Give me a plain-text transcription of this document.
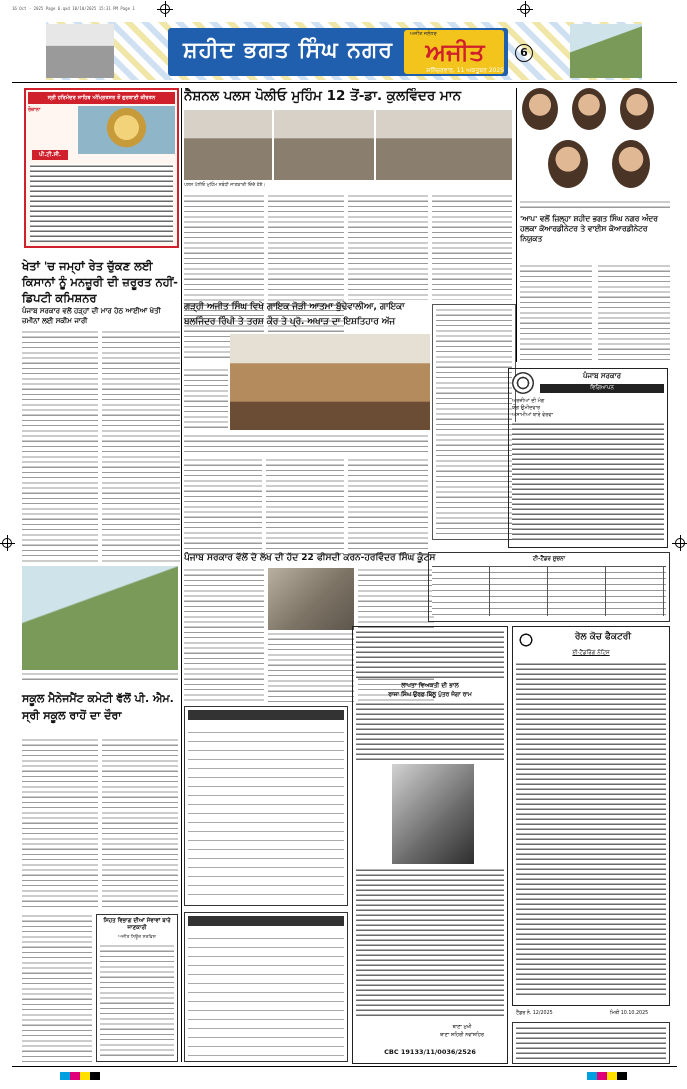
16 Oct - 2025 Page 6.qxd 10/10/2025 15:31 PM Page 1
ਸ਼ਹੀਦ ਭਗਤ ਸਿੰਘ ਨਗਰ
ਅਜੀਤ ਜਲੰਧਰ
ਅਜੀਤ
ਸ਼ਨਿੱਚਰਵਾਰ, 11 ਅਕਤੂਬਰ 2025
6
ਸ੍ਰੀ ਹਰਿਮੰਦਰ ਸਾਹਿਬ ਅੰਮ੍ਰਿਤਸਰ ਤੋਂ ਗੁਰਬਾਣੀ ਕੀਰਤਨ
ਰੋਜ਼ਾਨਾ
ਪੀ.ਟੀ.ਸੀ.
ਨੈਸ਼ਨਲ ਪਲਸ ਪੋਲੀਓ ਮੁਹਿੰਮ 12 ਤੋਂ-ਡਾ. ਕੁਲਵਿੰਦਰ ਮਾਨ
ਪਲਸ ਪੋਲੀਓ ਮੁਹਿੰਮ ਸਬੰਧੀ ਜਾਣਕਾਰੀ ਦਿੰਦੇ ਹੋਏ।
'ਆਪ' ਵਲੋਂ ਜ਼ਿਲ੍ਹਾ ਸ਼ਹੀਦ ਭਗਤ ਸਿੰਘ ਨਗਰ ਅੰਦਰ ਹਲਕਾ ਕੋਆਰਡੀਨੇਟਰ ਤੇ ਵਾਈਸ ਕੋਆਰਡੀਨੇਟਰ ਨਿਯੁਕਤ
ਖੇਤਾਂ 'ਚ ਜਮ੍ਹਾਂ ਰੇਤ ਚੁੱਕਣ ਲਈ ਕਿਸਾਨਾਂ ਨੂੰ ਮਨਜ਼ੂਰੀ ਦੀ ਜ਼ਰੂਰਤ ਨਹੀਂ-ਡਿਪਟੀ ਕਮਿਸ਼ਨਰ
ਪੰਜਾਬ ਸਰਕਾਰ ਵਲੋਂ ਹੜ੍ਹਾਂ ਦੀ ਮਾਰ ਹੇਠ ਆਈਆਂ ਖੇਤੀ ਜ਼ਮੀਨਾਂ ਲਈ ਸਕੀਮ ਜਾਰੀ
ਗੜ੍ਹੀ ਅਜੀਤ ਸਿੰਘ ਵਿਖੇ ਗਾਇਕ ਜੋੜੀ ਆਤਮਾ ਬੁੱਢੇਵਾਲੀਆ, ਗਾਇਕਾ ਬਲਜਿੰਦਰ ਰਿੰਪੀ ਤੇ ਤਰਸ਼ ਕੌਰ ਤੇ ਪ੍ਰੋ. ਅਖਾੜ ਦਾ ਇਸ਼ਤਿਹਾਰ ਅੱਜ
ਪੰਜਾਬ ਸਰਕਾਰ
ਵਿਗਿਆਪਨ
ਅਰਜ਼ੀਆਂ ਦੀ ਮੰਗ
ਯੋਗ ਉਮੀਦਵਾਰ
ਅਸਾਮੀਆਂ ਬਾਰੇ ਵੇਰਵਾ
ਪੰਜਾਬ ਸਰਕਾਰ ਵੱਲੋਂ ਦੋ ਲੱਖ ਦੀ ਹੱਦ 22 ਫੀਸਦੀ ਕਰਨ-ਹਰਵਿੰਦਰ ਸਿੰਘ ਕੂੰਟਸ	ਟੀ-ਟੈਂਡਰ ਸੂਚਨਾ
ਸਕੂਲ ਮੈਨੇਜਮੈਂਟ ਕਮੇਟੀ ਵੱਲੋਂ ਪੀ. ਐਮ. ਸ੍ਰੀ ਸਕੂਲ ਰਾਹੋਂ ਦਾ ਦੌਰਾ
ਸਿਹਤ ਵਿਭਾਗ ਦੀਆਂ ਸੇਵਾਵਾਂ ਬਾਰੇ ਜਾਣਕਾਰੀ
ਅਜੀਤ ਨਿਊਜ਼ ਸਰਵਿਸ
ਲਾਪਤਾ ਵਿਅਕਤੀ ਦੀ ਭਾਲ
ਰਾਜਾ ਸਿੰਘ ਉਰਫ਼ ਬਿੱਲੂ ਪੁੱਤਰ ਜੋਗਾ ਰਾਮ
ਥਾਣਾ ਮੁਖੀ
ਥਾਣਾ ਸ਼ਹਿਰੀ ਨਵਾਂਸ਼ਹਿਰ
CBC 19133/11/0036/2526
ਰੇਲ ਕੋਚ ਫੈਕਟਰੀ
ਈ-ਟੈਂਡਰਿੰਗ ਨੋਟਿਸ
ਟੈਂਡਰ ਨੰ. 12/2025	ਮਿਤੀ 10.10.2025
